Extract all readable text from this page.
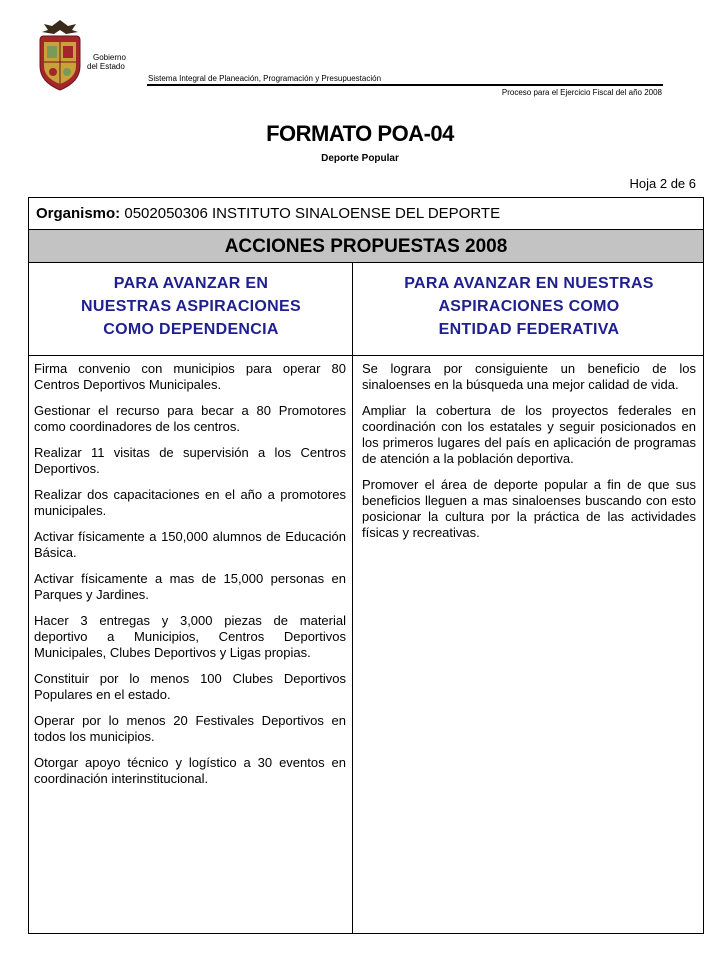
Gobierno
del Estado
Sistema Integral de Planeación, Programación y Presupuestación
Proceso para el Ejercicio Fiscal del año 2008
FORMATO POA-04
Deporte Popular
Hoja 2 de 6
Organismo: 0502050306 INSTITUTO SINALOENSE DEL DEPORTE
ACCIONES PROPUESTAS 2008
PARA AVANZAR EN
NUESTRAS ASPIRACIONES
COMO DEPENDENCIA
PARA AVANZAR EN NUESTRAS
ASPIRACIONES COMO
ENTIDAD FEDERATIVA

Firma convenio con municipios para operar 80 Centros Deportivos Municipales.

Gestionar el recurso para becar a 80 Promotores como coordinadores de los centros.

Realizar 11 visitas de supervisión a los Centros Deportivos.

Realizar dos capacitaciones en el año a promotores municipales.

Activar físicamente a 150,000 alumnos de Educación Básica.

Activar físicamente a mas de 15,000 personas en Parques y Jardines.

Hacer 3 entregas y 3,000 piezas de material deportivo a Municipios, Centros Deportivos Municipales, Clubes Deportivos y Ligas propias.

Constituir por lo menos 100 Clubes Deportivos Populares en el estado.

Operar por lo menos 20 Festivales Deportivos en todos los municipios.

Otorgar apoyo técnico y logístico a 30 eventos en coordinación interinstitucional.

Se lograra por consiguiente un beneficio de los sinaloenses en la búsqueda una mejor calidad de vida.

Ampliar la cobertura de los proyectos federales en coordinación con los estatales y seguir posicionados en los primeros lugares del país en aplicación de programas de atención a la población deportiva.

Promover el área de deporte popular a fin de que sus beneficios lleguen a mas sinaloenses buscando con esto posicionar la cultura por la práctica de las actividades físicas y recreativas.
